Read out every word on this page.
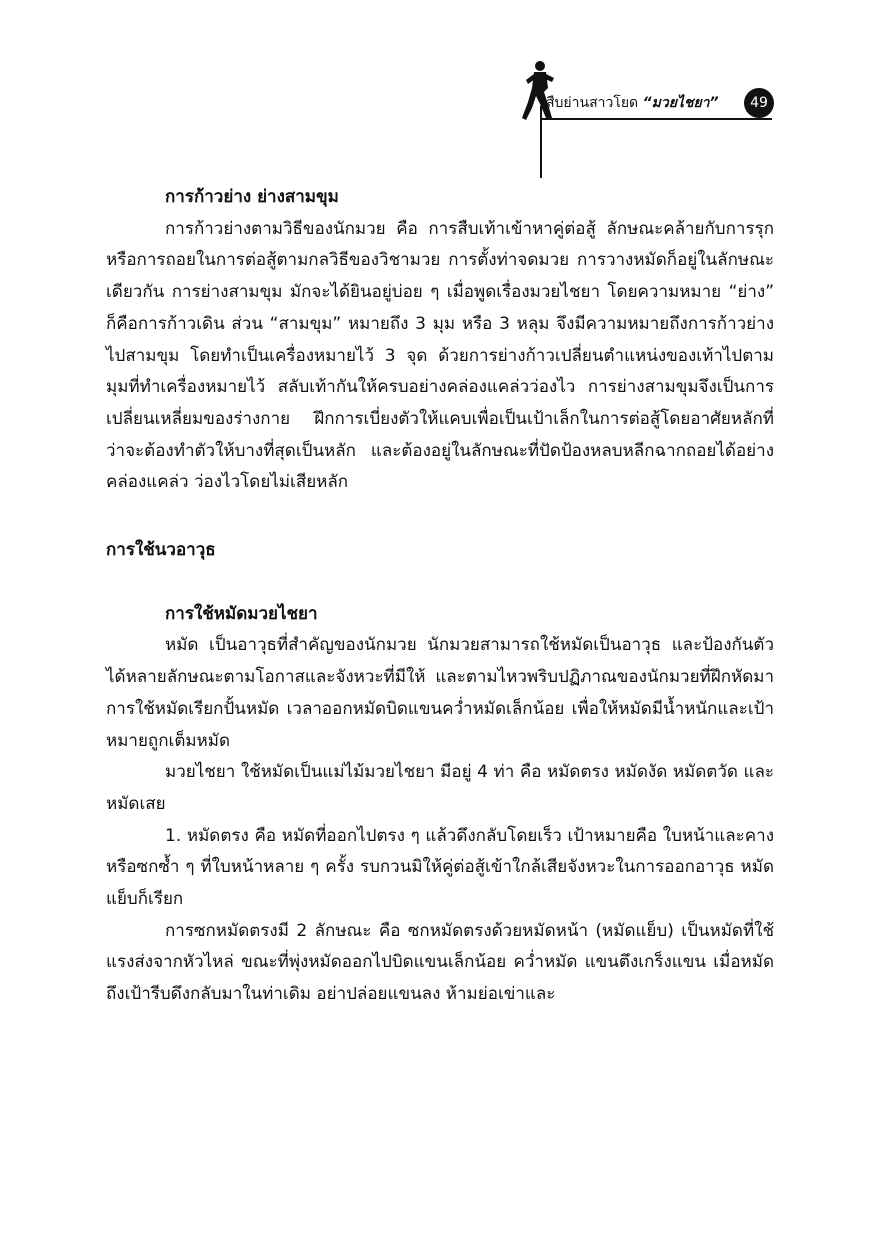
สืบย่านสาวโยด “มวยไชยา”	49
การก้าวย่าง ย่างสามขุม

การก้าวย่างตามวิธีของนักมวย คือ การสืบเท้าเข้าหาคู่ต่อสู้ ลักษณะคล้ายกับการรุกหรือการถอยในการต่อสู้ตามกลวิธีของวิชามวย การตั้งท่าจดมวย การวางหมัดก็อยู่ในลักษณะเดียวกัน การย่างสามขุม มักจะได้ยินอยู่บ่อย ๆ เมื่อพูดเรื่องมวยไชยา โดยความหมาย “ย่าง” ก็คือการก้าวเดิน ส่วน “สามขุม” หมายถึง 3 มุม หรือ 3 หลุม จึงมีความหมายถึงการก้าวย่างไปสามขุม โดยทำเป็นเครื่องหมายไว้ 3 จุด ด้วยการย่างก้าวเปลี่ยนตำแหน่งของเท้าไปตามมุมที่ทำเครื่องหมายไว้ สลับเท้ากันให้ครบอย่างคล่องแคล่วว่องไว การย่างสามขุมจึงเป็นการเปลี่ยนเหลี่ยมของร่างกาย ฝึกการเบี่ยงตัวให้แคบเพื่อเป็นเป้าเล็กในการต่อสู้โดยอาศัยหลักที่ว่าจะต้องทำตัวให้บางที่สุดเป็นหลัก และต้องอยู่ในลักษณะที่ปัดป้องหลบหลีกฉากถอยได้อย่างคล่องแคล่ว ว่องไวโดยไม่เสียหลัก

การใช้นวอาวุธ
การใช้หมัดมวยไชยา

หมัด เป็นอาวุธที่สำคัญของนักมวย นักมวยสามารถใช้หมัดเป็นอาวุธ และป้องกันตัวได้หลายลักษณะตามโอกาสและจังหวะที่มีให้ และตามไหวพริบปฏิภาณของนักมวยที่ฝึกหัดมา การใช้หมัดเรียกปั้นหมัด เวลาออกหมัดบิดแขนคว่ำหมัดเล็กน้อย เพื่อให้หมัดมีน้ำหนักและเป้าหมายถูกเต็มหมัด

มวยไชยา ใช้หมัดเป็นแม่ไม้มวยไชยา มีอยู่ 4 ท่า คือ หมัดตรง หมัดงัด หมัดตวัด และหมัดเสย

1. หมัดตรง คือ หมัดที่ออกไปตรง ๆ แล้วดึงกลับโดยเร็ว เป้าหมายคือ ใบหน้าและคาง หรือซกซ้ำ ๆ ที่ใบหน้าหลาย ๆ ครั้ง รบกวนมิให้คู่ต่อสู้เข้าใกล้เสียจังหวะในการออกอาวุธ หมัดแย็บก็เรียก

การซกหมัดตรงมี 2 ลักษณะ คือ ซกหมัดตรงด้วยหมัดหน้า (หมัดแย็บ) เป็นหมัดที่ใช้แรงส่งจากหัวไหล่ ขณะที่พุ่งหมัดออกไปบิดแขนเล็กน้อย คว่ำหมัด แขนตึงเกร็งแขน เมื่อหมัดถึงเป้ารีบดึงกลับมาในท่าเดิม อย่าปล่อยแขนลง ห้ามย่อเข่าและ
